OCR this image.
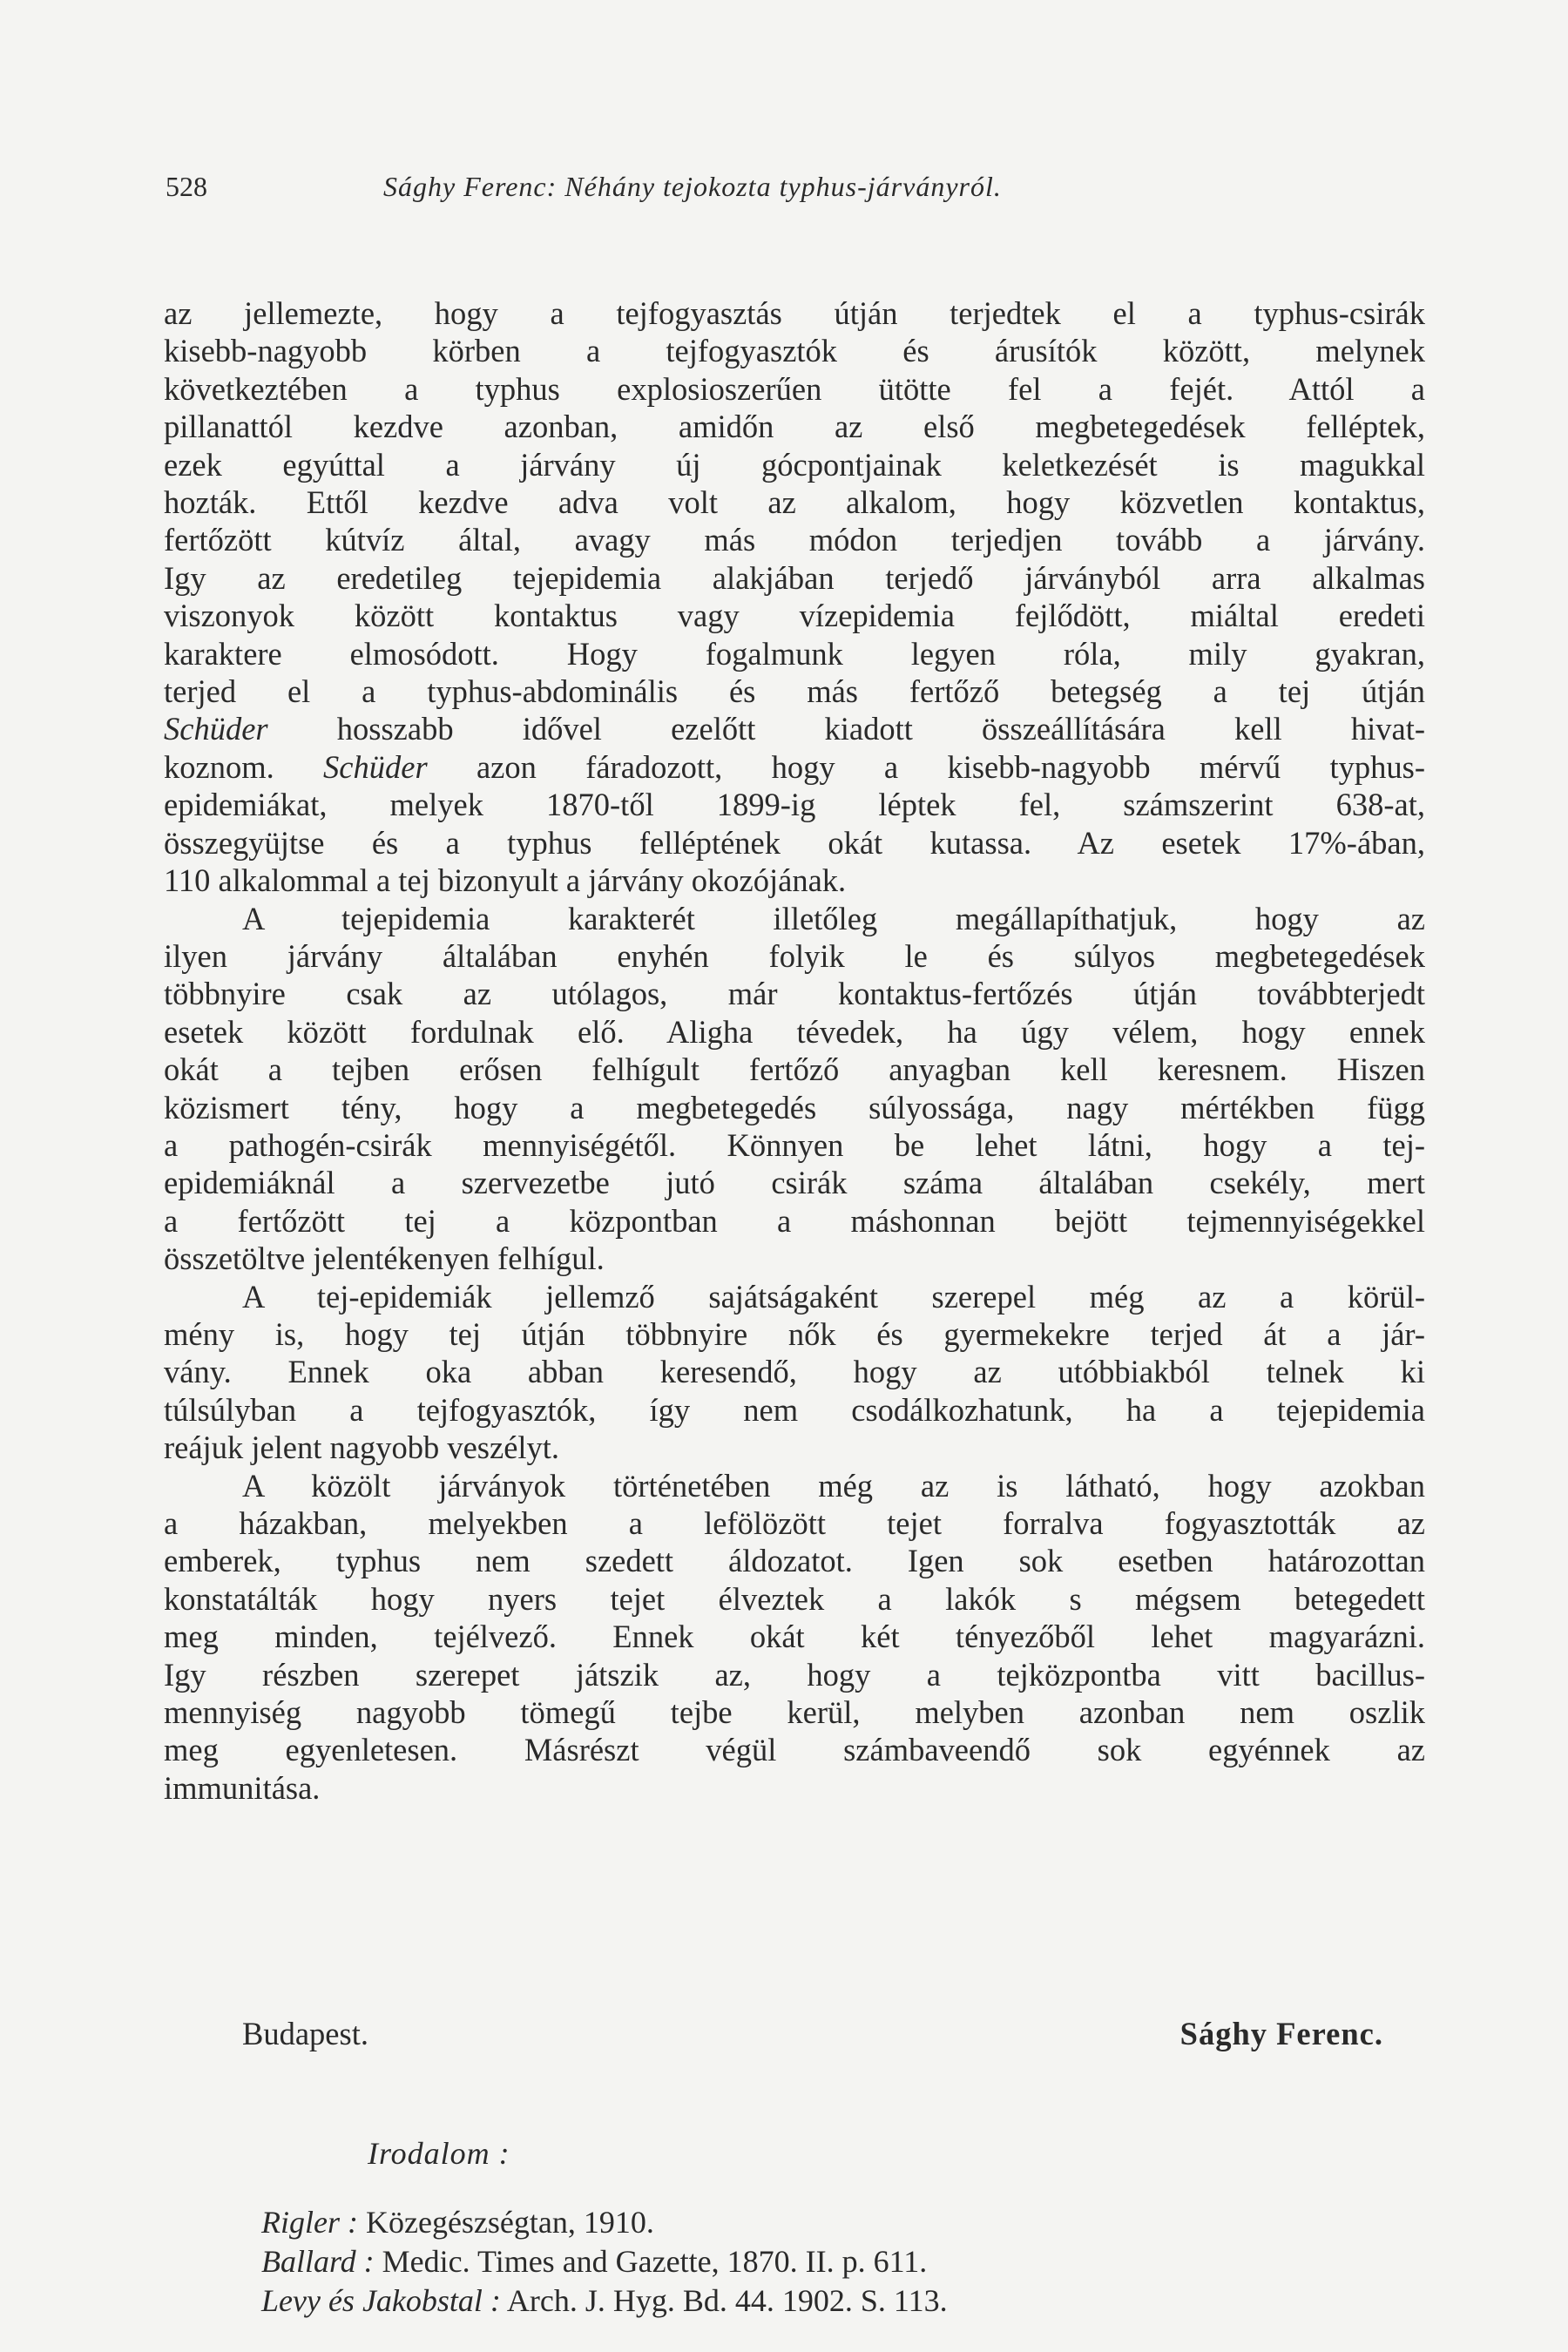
528	Sághy Ferenc: Néhány tejokozta typhus-járványról.

az jellemezte, hogy a tejfogyasztás útján terjedtek el a typhus-csirák

kisebb-nagyobb körben a tejfogyasztók és árusítók között, melynek

következtében a typhus explosioszerűen ütötte fel a fejét. Attól a

pillanattól kezdve azonban, amidőn az első megbetegedések felléptek,

ezek egyúttal a járvány új gócpontjainak keletkezését is magukkal

hozták. Ettől kezdve adva volt az alkalom, hogy közvetlen kontaktus,

fertőzött kútvíz által, avagy más módon terjedjen tovább a járvány.

Igy az eredetileg tejepidemia alakjában terjedő járványból arra alkalmas

viszonyok között kontaktus vagy vízepidemia fejlődött, miáltal eredeti

karaktere elmosódott. Hogy fogalmunk legyen róla, mily gyakran,

terjed el a typhus-abdominális és más fertőző betegség a tej útján

Schüder hosszabb idővel ezelőtt kiadott összeállítására kell hivat-

koznom. Schüder azon fáradozott, hogy a kisebb-nagyobb mérvű typhus-

epidemiákat, melyek 1870-től 1899-ig léptek fel, számszerint 638-at,

összegyüjtse és a typhus felléptének okát kutassa. Az esetek 17%-ában,

110 alkalommal a tej bizonyult a járvány okozójának.

A tejepidemia karakterét illetőleg megállapíthatjuk, hogy az

ilyen járvány általában enyhén folyik le és súlyos megbetegedések

többnyire csak az utólagos, már kontaktus-fertőzés útján továbbterjedt

esetek között fordulnak elő. Aligha tévedek, ha úgy vélem, hogy ennek

okát a tejben erősen felhígult fertőző anyagban kell keresnem. Hiszen

közismert tény, hogy a megbetegedés súlyossága, nagy mértékben függ

a pathogén-csirák mennyiségétől. Könnyen be lehet látni, hogy a tej-

epidemiáknál a szervezetbe jutó csirák száma általában csekély, mert

a fertőzött tej a központban a máshonnan bejött tejmennyiségekkel

összetöltve jelentékenyen felhígul.

A tej-epidemiák jellemző sajátságaként szerepel még az a körül-

mény is, hogy tej útján többnyire nők és gyermekekre terjed át a jár-

vány. Ennek oka abban keresendő, hogy az utóbbiakból telnek ki

túlsúlyban a tejfogyasztók, így nem csodálkozhatunk, ha a tejepidemia

reájuk jelent nagyobb veszélyt.

A közölt járványok történetében még az is látható, hogy azokban

a házakban, melyekben a lefölözött tejet forralva fogyasztották az

emberek, typhus nem szedett áldozatot. Igen sok esetben határozottan

konstatálták hogy nyers tejet élveztek a lakók s mégsem betegedett

meg minden, tejélvező. Ennek okát két tényezőből lehet magyarázni.

Igy részben szerepet játszik az, hogy a tejközpontba vitt bacillus-

mennyiség nagyobb tömegű tejbe kerül, melyben azonban nem oszlik

meg egyenletesen. Másrészt végül számbaveendő sok egyénnek az

immunitása.

Budapest.	Sághy Ferenc.
Irodalom :
Rigler : Közegészségtan, 1910.
Ballard : Medic. Times and Gazette, 1870. II. p. 611.
Levy és Jakobstal : Arch. J. Hyg. Bd. 44. 1902. S. 113.
